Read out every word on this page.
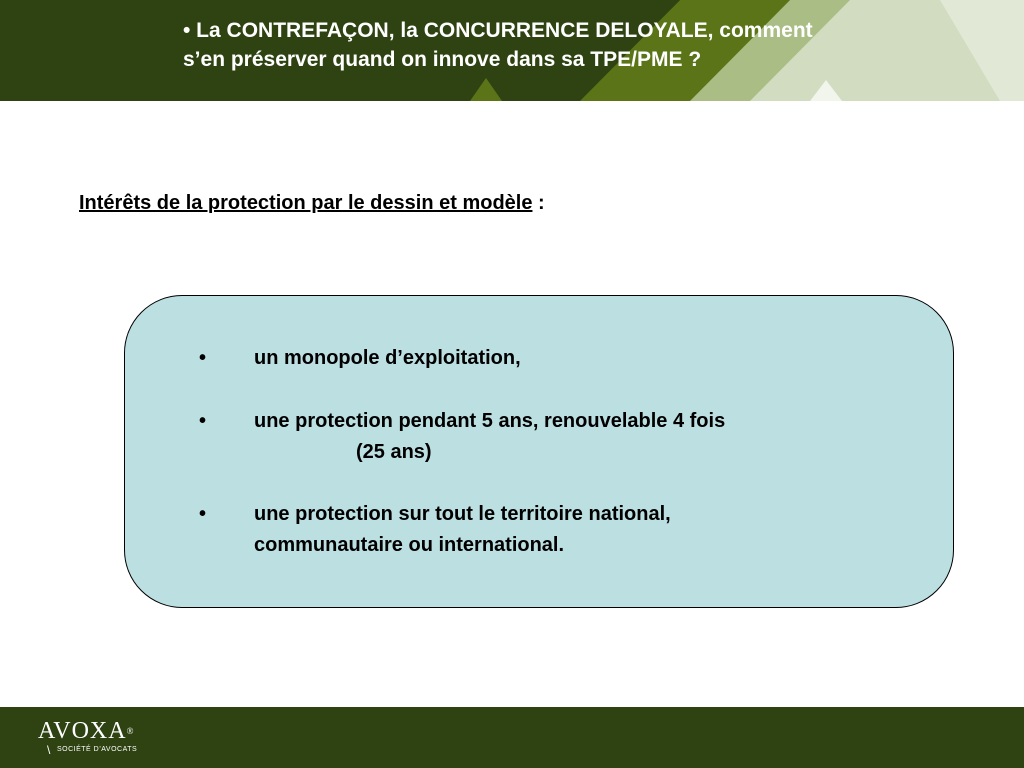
• La CONTREFAÇON, la CONCURRENCE DELOYALE, comment
s’en préserver quand on innove dans sa TPE/PME ?
Intérêts de la protection par le dessin et modèle :
• un monopole d’exploitation,
• une protection pendant 5 ans, renouvelable 4 fois
(25 ans)
• une protection sur tout le territoire national,
communautaire ou international.
AVOXA®
\ SOCIÉTÉ D’AVOCATS
